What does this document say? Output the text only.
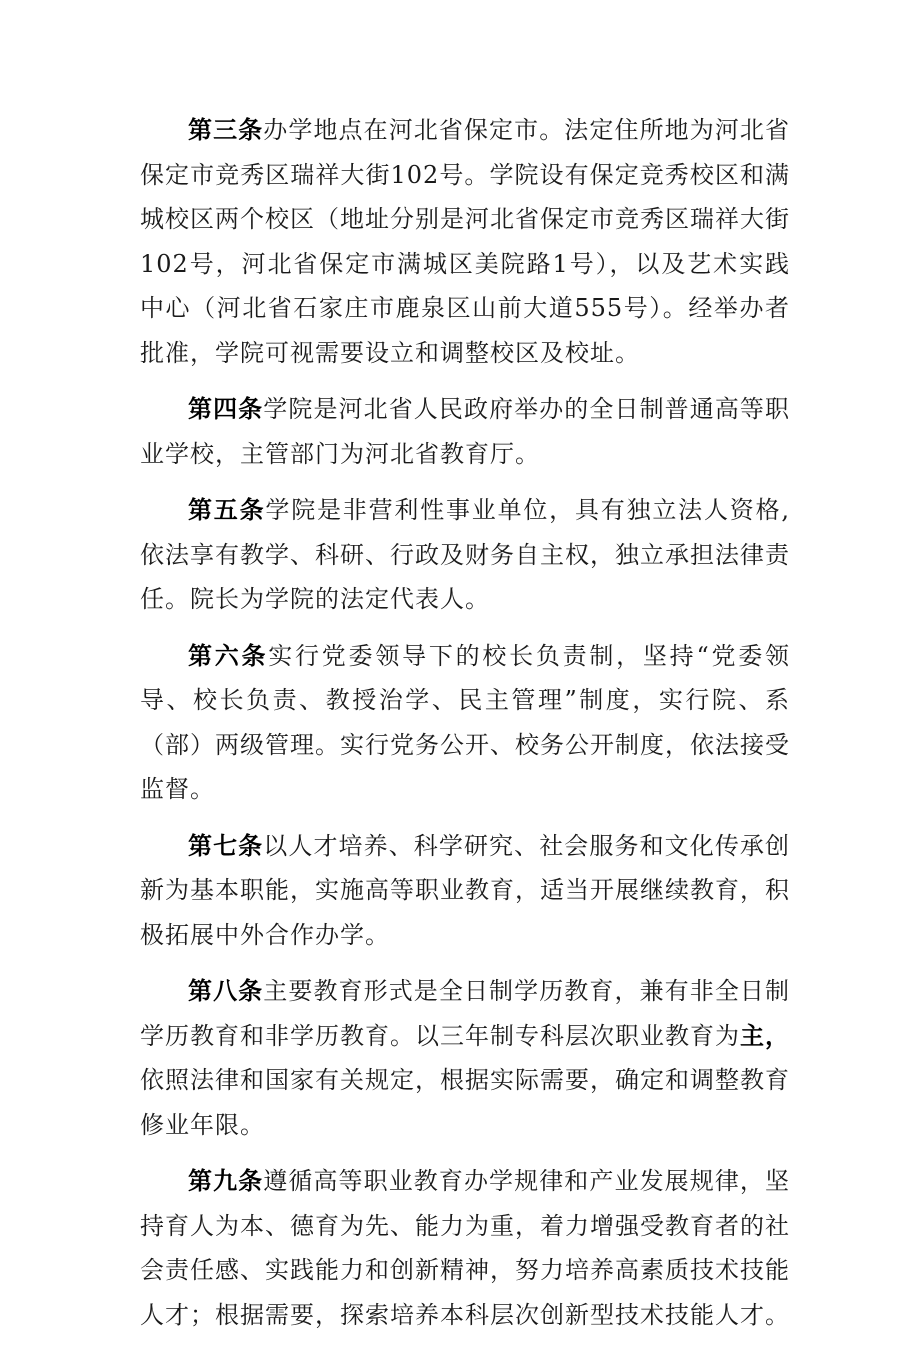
第三条办学地点在河北省保定市。法定住所地为河北省保定市竞秀区瑞祥大街102号。学院设有保定竞秀校区和满城校区两个校区（地址分别是河北省保定市竞秀区瑞祥大街102号，河北省保定市满城区美院路1号），以及艺术实践中心（河北省石家庄市鹿泉区山前大道555号）。经举办者批准，学院可视需要设立和调整校区及校址。

第四条学院是河北省人民政府举办的全日制普通高等职业学校，主管部门为河北省教育厅。

第五条学院是非营利性事业单位，具有独立法人资格,依法享有教学、科研、行政及财务自主权，独立承担法律责任。院长为学院的法定代表人。

第六条实行党委领导下的校长负责制，坚持“党委领导、校长负责、教授治学、民主管理”制度，实行院、系（部）两级管理。实行党务公开、校务公开制度，依法接受监督。

第七条以人才培养、科学研究、社会服务和文化传承创新为基本职能，实施高等职业教育，适当开展继续教育，积极拓展中外合作办学。

第八条主要教育形式是全日制学历教育，兼有非全日制学历教育和非学历教育。以三年制专科层次职业教育为主，依照法律和国家有关规定，根据实际需要，确定和调整教育修业年限。

第九条遵循高等职业教育办学规律和产业发展规律，坚持育人为本、德育为先、能力为重，着力增强受教育者的社会责任感、实践能力和创新精神，努力培养高素质技术技能人才；根据需要，探索培养本科层次创新型技术技能人才。
